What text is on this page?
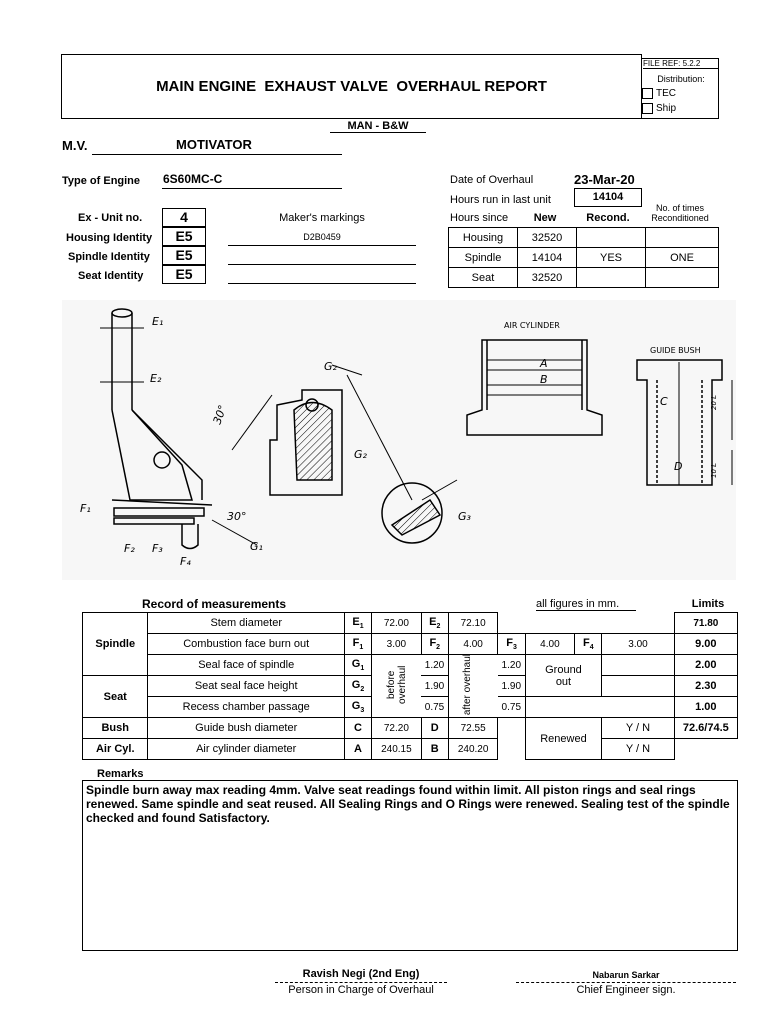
MAIN ENGINE  EXHAUST VALVE  OVERHAUL REPORT
FILE REF: 5.2.2
Distribution:
TEC
Ship
MAN - B&W
M.V.	MOTIVATOR
Type of Engine 6S60MC-C	Date of Overhaul	23-Mar-20
Hours run in last unit	14104
Ex - Unit no.	4
Housing Identity	E5
Spindle Identity	E5
Seat Identity	E5
Maker's markings
D2B0459
Hours since	New	Recond.
No. of times Reconditioned
Housing	32520		
Spindle	14104	YES	ONE
Seat	32520		
E₁
E₂
F₁
F₂ F₃
F₄
G₁
30°
30°
G₂
G₂
G₃
AIR CYLINDER
A
B
GUIDE BUSH
C
D
20 L
10 L
Record of measurements	all figures in mm.	Limits
Spindle	Stem diameter	$E_1$	72.00	$E_2$	72.10					71.80
	Combustion face burn out	$F_1$	3.00	$F_2$	4.00	$F_3$	4.00	$F_4$	3.00	9.00
	Seal face of spindle	$G_1$	before overhaul	1.20	after overhaul	1.20	Ground out			2.00
Seat	Seat seal face height	$G_2$		1.90		1.90				2.30
	Recess chamber passage	$G_3$		0.75		0.75				1.00
Bush	Guide bush diameter	C	72.20	D	72.55		Renewed		Y / N	72.6/74.5
Air Cyl.	Air cylinder diameter	A	240.15	B	240.20				Y / N	
Remarks
Spindle burn away max reading 4mm. Valve seat readings found within limit. All piston rings and seal rings renewed. Same spindle and seat reused. All Sealing Rings and O Rings were renewed. Sealing test of the spindle checked and found Satisfactory.
Ravish Negi (2nd Eng)
Person in Charge of Overhaul
Nabarun Sarkar
Chief Engineer sign.
